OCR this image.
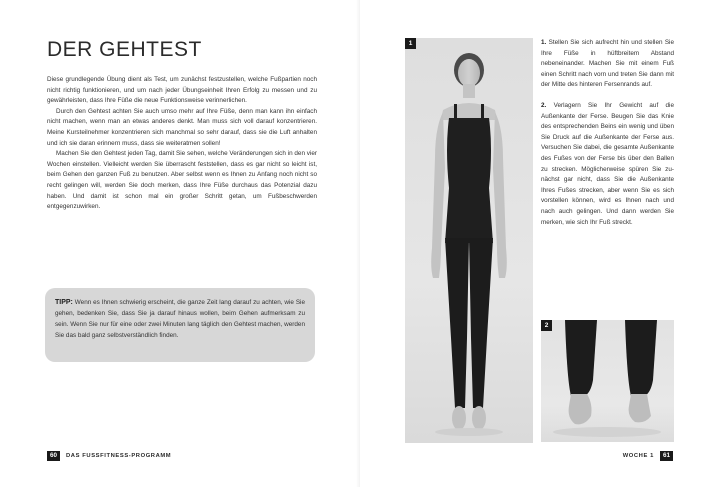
DER GEHTEST

Diese grundlegende Übung dient als Test, um zunächst festzustellen, welche Fußpartien noch nicht richtig funktionieren, und um nach jeder Übungseinheit Ihren Erfolg zu messen und zu gewährleisten, dass Ihre Füße die neue Funktionsweise verinnerlichen.

Durch den Gehtest achten Sie auch umso mehr auf Ihre Füße, denn man kann ihn einfach nicht machen, wenn man an etwas anderes denkt. Man muss sich voll darauf konzentrieren. Meine Kursteilnehmer konzentrieren sich manchmal so sehr darauf, dass sie die Luft anhalten und ich sie daran erinnern muss, dass sie weiteratmen sollen!

Machen Sie den Gehtest jeden Tag, damit Sie sehen, welche Veränderungen sich in den vier Wochen einstellen. Vielleicht werden Sie überrascht feststellen, dass es gar nicht so leicht ist, beim Gehen den ganzen Fuß zu benutzen. Aber selbst wenn es Ihnen zu Anfang noch nicht so recht gelingen will, werden Sie doch merken, dass Ihre Füße durchaus das Potenzial dazu haben. Und damit ist schon mal ein großer Schritt getan, um Fußbeschwerden entgegenzuwirken.

TIPP: Wenn es Ihnen schwierig erscheint, die ganze Zeit lang darauf zu achten, wie Sie gehen, bedenken Sie, dass Sie ja darauf hinaus wollen, beim Gehen aufmerksam zu sein. Wenn Sie nur für eine oder zwei Minuten lang täglich den Gehtest machen, werden Sie das bald ganz selbstverständlich finden.
60	DAS FUSSFITNESS-PROGRAMM
1	1. Stellen Sie sich aufrecht hin und stellen Sie Ihre Füße in hüftbreitem Abstand nebeneinander. Machen Sie mit einem Fuß einen Schritt nach vorn und treten Sie dann mit der Mitte des hinteren Fersenrands auf.

2. Verlagern Sie Ihr Gewicht auf die Außenkante der Ferse. Beugen Sie das Knie des entsprechenden Beins ein wenig und üben Sie Druck auf die Außenkante der Ferse aus. Versuchen Sie dabei, die gesamte Außenkante des Fußes von der Ferse bis über den Ballen zu strecken. Möglicherweise spüren Sie zunächst gar nicht, dass Sie die Außenkante Ihres Fußes strecken, aber wenn Sie es sich vorstellen können, wird es Ihnen nach und nach auch gelingen. Und dann werden Sie merken, wie sich Ihr Fuß streckt.

2
WOCHE 1	61
